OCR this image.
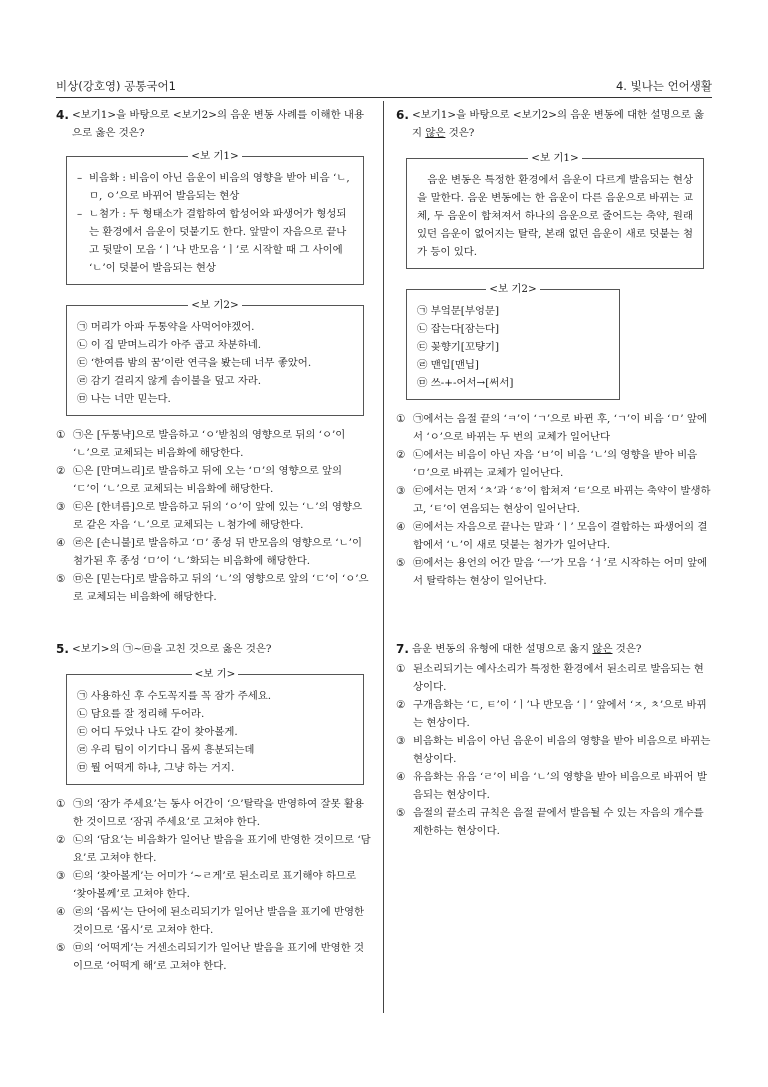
비상(강호영) 공통국어1	4. 빛나는 언어생활
4. <보기1>을 바탕으로 <보기2>의 음운 변동 사례를 이해한 내용으로 옳은 것은?
<보 기1>
– 비음화 : 비음이 아닌 음운이 비음의 영향을 받아 비음 ‘ㄴ, ㅁ, ㅇ’으로 바뀌어 발음되는 현상
– ㄴ첨가 : 두 형태소가 결합하여 합성어와 파생어가 형성되는 환경에서 음운이 덧붙기도 한다. 앞말이 자음으로 끝나고 뒷말이 모음 ‘ㅣ’나 반모음 ‘ㅣ’로 시작할 때 그 사이에 ‘ㄴ’이 덧붙어 발음되는 현상
<보 기2>
㉠ 머리가 아파 두통약을 사먹어야겠어.
㉡ 이 집 맏며느리가 아주 곱고 차분하네.
㉢ ‘한여름 밤의 꿈’이란 연극을 봤는데 너무 좋았어.
㉣ 감기 걸리지 않게 솜이불을 덮고 자라.
㉤ 나는 너만 믿는다.
① ㉠은 [두통냑]으로 발음하고 ‘ㅇ’받침의 영향으로 뒤의 ‘ㅇ’이 ‘ㄴ’으로 교체되는 비음화에 해당한다.
② ㉡은 [만며느리]로 발음하고 뒤에 오는 ‘ㅁ’의 영향으로 앞의 ‘ㄷ’이 ‘ㄴ’으로 교체되는 비음화에 해당한다.
③ ㉢은 [한녀름]으로 발음하고 뒤의 ‘ㅇ’이 앞에 있는 ‘ㄴ’의 영향으로 같은 자음 ‘ㄴ’으로 교체되는 ㄴ첨가에 해당한다.
④ ㉣은 [손니불]로 발음하고 ‘ㅁ’ 종성 뒤 반모음의 영향으로 ‘ㄴ’이 첨가된 후 종성 ‘ㅁ’이 ‘ㄴ’화되는 비음화에 해당한다.
⑤ ㉤은 [믿는다]로 발음하고 뒤의 ‘ㄴ’의 영향으로 앞의 ‘ㄷ’이 ‘ㅇ’으로 교체되는 비음화에 해당한다.
5. <보기>의 ㉠~㉤을 고친 것으로 옳은 것은?
<보 기>
㉠ 사용하신 후 수도꼭지를 꼭 잠가 주세요.
㉡ 담요를 잘 정리해 두어라.
㉢ 어디 두었나 나도 같이 찾아볼게.
㉣ 우리 팀이 이기다니 몹씨 흥분되는데
㉤ 뭘 어떡게 하냐, 그냥 하는 거지.
① ㉠의 ‘잠가 주세요’는 동사 어간이 ‘으’탈락을 반영하여 잘못 활용한 것이므로 ‘잠궈 주세요’로 고쳐야 한다.
② ㉡의 ‘담요’는 비음화가 일어난 발음을 표기에 반영한 것이므로 ‘담요’로 고쳐야 한다.
③ ㉢의 ‘찾아볼게’는 어미가 ‘~ㄹ게’로 된소리로 표기해야 하므로 ‘찾아볼께’로 고쳐야 한다.
④ ㉣의 ‘몹씨’는 단어에 된소리되기가 일어난 발음을 표기에 반영한 것이므로 ‘몹시’로 고쳐야 한다.
⑤ ㉤의 ‘어떡게’는 거센소리되기가 일어난 발음을 표기에 반영한 것이므로 ‘어떡게 해’로 고쳐야 한다.
6. <보기1>을 바탕으로 <보기2>의 음운 변동에 대한 설명으로 옳지 않은 것은?
<보 기1>
음운 변동은 특정한 환경에서 음운이 다르게 발음되는 현상을 말한다. 음운 변동에는 한 음운이 다른 음운으로 바뀌는 교체, 두 음운이 합쳐져서 하나의 음운으로 줄어드는 축약, 원래 있던 음운이 없어지는 탈락, 본래 없던 음운이 새로 덧붙는 첨가 등이 있다.
<보 기2>
㉠ 부엌문[부엉문]
㉡ 잡는다[잠는다]
㉢ 꽂향기[꼬턍기]
㉣ 맨입[맨닙]
㉤ 쓰-+-어서→[써서]
① ㉠에서는 음절 끝의 ‘ㅋ’이 ‘ㄱ’으로 바뀐 후, ‘ㄱ’이 비음 ‘ㅁ’ 앞에서 ‘ㅇ’으로 바뀌는 두 번의 교체가 일어난다
② ㉡에서는 비음이 아닌 자음 ‘ㅂ’이 비음 ‘ㄴ’의 영향을 받아 비음 ‘ㅁ’으로 바뀌는 교체가 일어난다.
③ ㉢에서는 먼저 ‘ㅊ’과 ‘ㅎ’이 합쳐져 ‘ㅌ’으로 바뀌는 축약이 발생하고, ‘ㅌ’이 연음되는 현상이 일어난다.
④ ㉣에서는 자음으로 끝나는 말과 ‘ㅣ’ 모음이 결합하는 파생어의 결합에서 ‘ㄴ’이 새로 덧붙는 첨가가 일어난다.
⑤ ㉤에서는 용언의 어간 말음 ‘ㅡ’가 모음 ‘ㅓ’로 시작하는 어미 앞에서 탈락하는 현상이 일어난다.
7. 음운 변동의 유형에 대한 설명으로 옳지 않은 것은?
① 된소리되기는 예사소리가 특정한 환경에서 된소리로 발음되는 현상이다.
② 구개음화는 ‘ㄷ, ㅌ’이 ‘ㅣ’나 반모음 ‘ㅣ’ 앞에서 ‘ㅈ, ㅊ’으로 바뀌는 현상이다.
③ 비음화는 비음이 아닌 음운이 비음의 영향을 받아 비음으로 바뀌는 현상이다.
④ 유음화는 유음 ‘ㄹ’이 비음 ‘ㄴ’의 영향을 받아 비음으로 바뀌어 발음되는 현상이다.
⑤ 음절의 끝소리 규칙은 음절 끝에서 발음될 수 있는 자음의 개수를 제한하는 현상이다.
